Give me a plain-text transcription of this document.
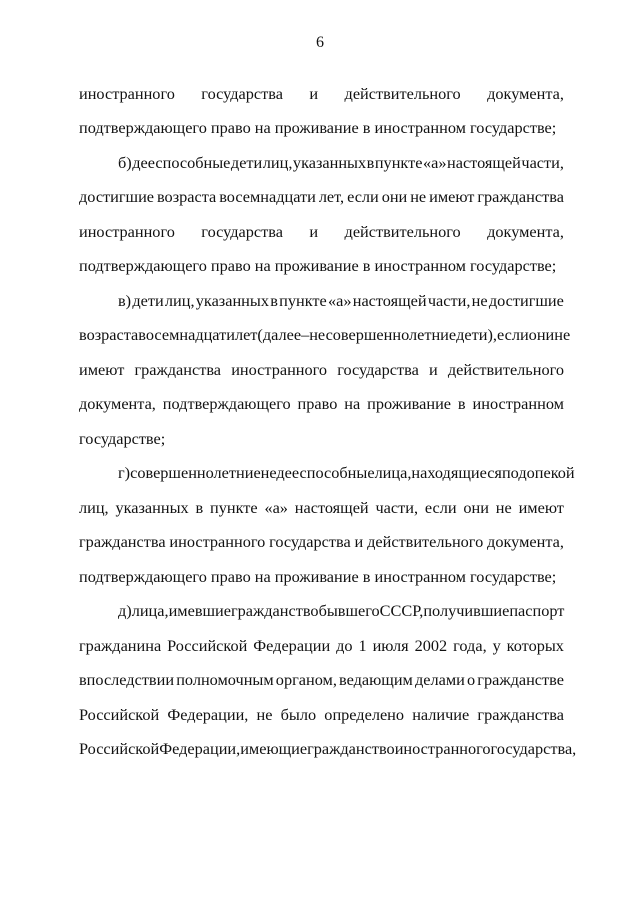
6
иностранного государства и действительного документа,
подтверждающего право на проживание в иностранном государстве;
б) дееспособные дети лиц, указанных в пункте «а» настоящей части,
достигшие возраста восемнадцати лет, если они не имеют гражданства
иностранного государства и действительного документа,
подтверждающего право на проживание в иностранном государстве;
в) дети лиц, указанных в пункте «а» настоящей части, не достигшие
возраста восемнадцати лет (далее – несовершеннолетние дети), если они не
имеют гражданства иностранного государства и действительного
документа, подтверждающего право на проживание в иностранном
государстве;
г) совершеннолетние недееспособные лица, находящиеся под опекой
лиц, указанных в пункте «а» настоящей части, если они не имеют
гражданства иностранного государства и действительного документа,
подтверждающего право на проживание в иностранном государстве;
д) лица, имевшие гражданство бывшего СССР, получившие паспорт
гражданина Российской Федерации до 1 июля 2002 года, у которых
впоследствии полномочным органом, ведающим делами о гражданстве
Российской Федерации, не было определено наличие гражданства
Российской Федерации, имеющие гражданство иностранного государства,
